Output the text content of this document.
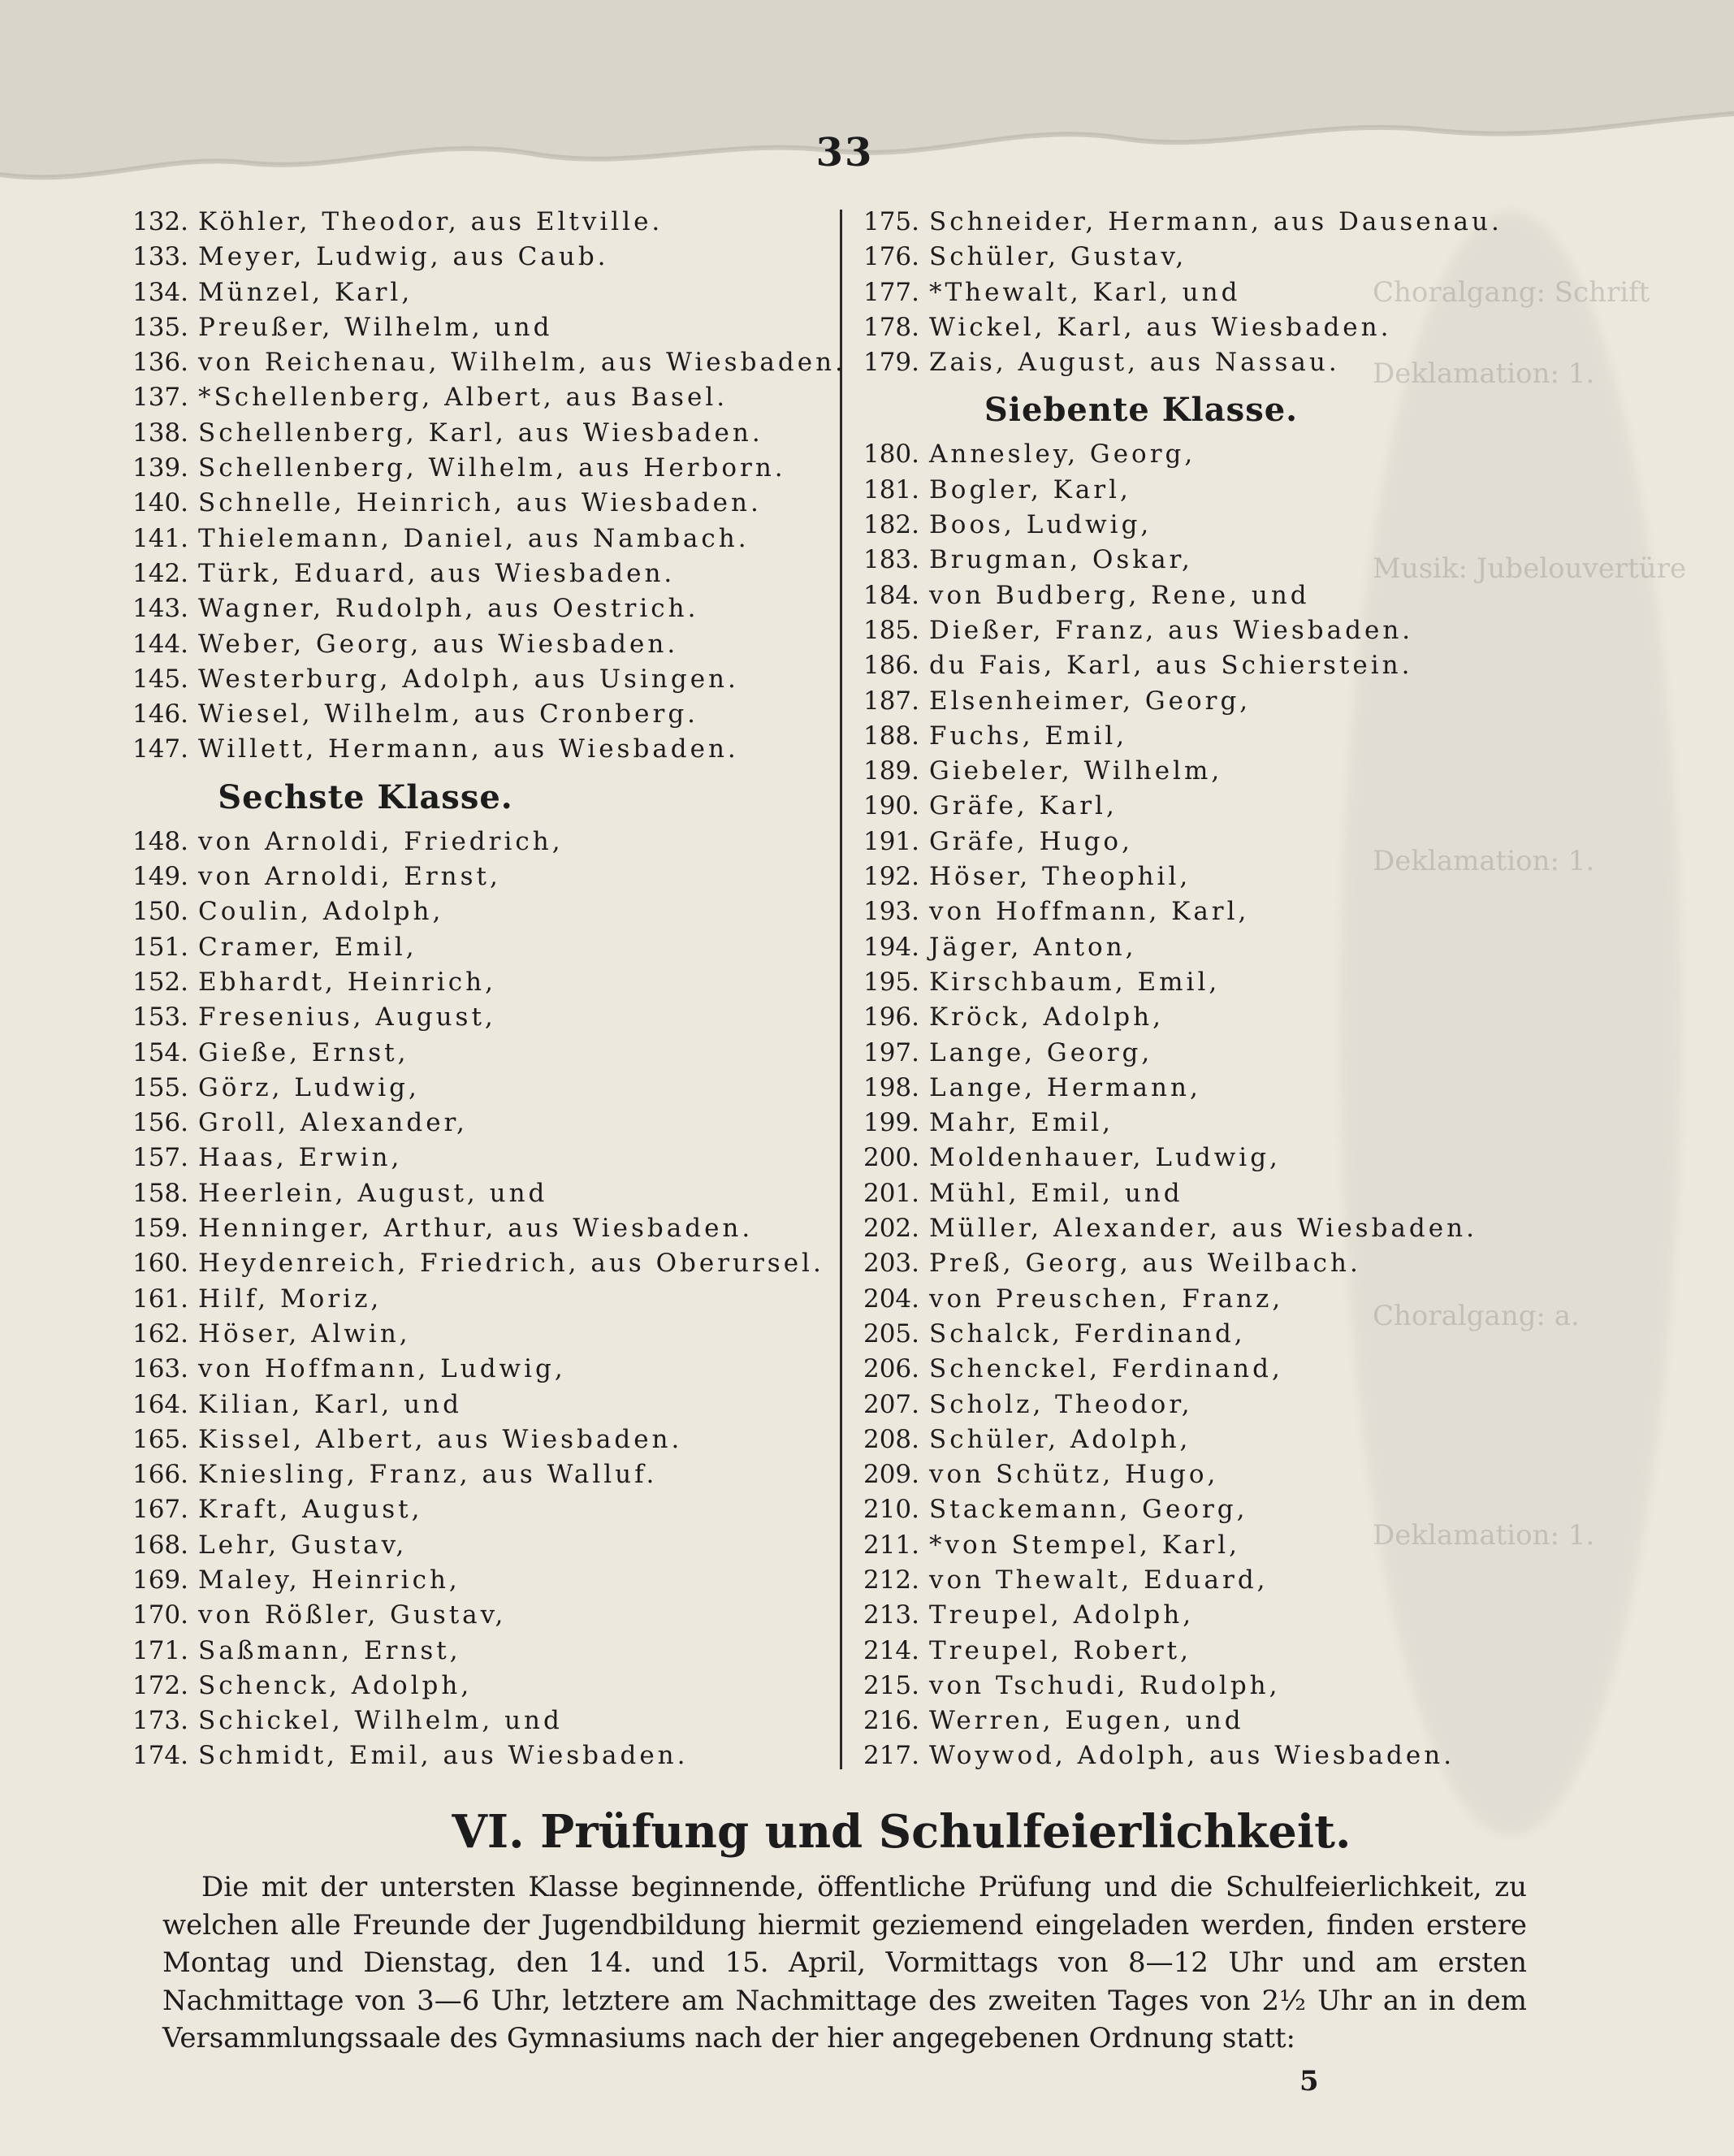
Choralgang: Schrift
Deklamation: 1.
Musik: Jubelouvertüre
Deklamation: 1.
Choralgang: a.
Deklamation: 1.
33
132. Köhler, Theodor, aus Eltville.
133. Meyer, Ludwig, aus Caub.
134. Münzel, Karl,
135. Preußer, Wilhelm, und
136. von Reichenau, Wilhelm, aus Wiesbaden.
137. *Schellenberg, Albert, aus Basel.
138. Schellenberg, Karl, aus Wiesbaden.
139. Schellenberg, Wilhelm, aus Herborn.
140. Schnelle, Heinrich, aus Wiesbaden.
141. Thielemann, Daniel, aus Nambach.
142. Türk, Eduard, aus Wiesbaden.
143. Wagner, Rudolph, aus Oestrich.
144. Weber, Georg, aus Wiesbaden.
145. Westerburg, Adolph, aus Usingen.
146. Wiesel, Wilhelm, aus Cronberg.
147. Willett, Hermann, aus Wiesbaden.
Sechste Klasse.
148. von Arnoldi, Friedrich,
149. von Arnoldi, Ernst,
150. Coulin, Adolph,
151. Cramer, Emil,
152. Ebhardt, Heinrich,
153. Fresenius, August,
154. Gieße, Ernst,
155. Görz, Ludwig,
156. Groll, Alexander,
157. Haas, Erwin,
158. Heerlein, August, und
159. Henninger, Arthur, aus Wiesbaden.
160. Heydenreich, Friedrich, aus Oberursel.
161. Hilf, Moriz,
162. Höser, Alwin,
163. von Hoffmann, Ludwig,
164. Kilian, Karl, und
165. Kissel, Albert, aus Wiesbaden.
166. Kniesling, Franz, aus Walluf.
167. Kraft, August,
168. Lehr, Gustav,
169. Maley, Heinrich,
170. von Rößler, Gustav,
171. Saßmann, Ernst,
172. Schenck, Adolph,
173. Schickel, Wilhelm, und
174. Schmidt, Emil, aus Wiesbaden.
175. Schneider, Hermann, aus Dausenau.
176. Schüler, Gustav,
177. *Thewalt, Karl, und
178. Wickel, Karl, aus Wiesbaden.
179. Zais, August, aus Nassau.
Siebente Klasse.
180. Annesley, Georg,
181. Bogler, Karl,
182. Boos, Ludwig,
183. Brugman, Oskar,
184. von Budberg, Rene, und
185. Dießer, Franz, aus Wiesbaden.
186. du Fais, Karl, aus Schierstein.
187. Elsenheimer, Georg,
188. Fuchs, Emil,
189. Giebeler, Wilhelm,
190. Gräfe, Karl,
191. Gräfe, Hugo,
192. Höser, Theophil,
193. von Hoffmann, Karl,
194. Jäger, Anton,
195. Kirschbaum, Emil,
196. Kröck, Adolph,
197. Lange, Georg,
198. Lange, Hermann,
199. Mahr, Emil,
200. Moldenhauer, Ludwig,
201. Mühl, Emil, und
202. Müller, Alexander, aus Wiesbaden.
203. Preß, Georg, aus Weilbach.
204. von Preuschen, Franz,
205. Schalck, Ferdinand,
206. Schenckel, Ferdinand,
207. Scholz, Theodor,
208. Schüler, Adolph,
209. von Schütz, Hugo,
210. Stackemann, Georg,
211. *von Stempel, Karl,
212. von Thewalt, Eduard,
213. Treupel, Adolph,
214. Treupel, Robert,
215. von Tschudi, Rudolph,
216. Werren, Eugen, und
217. Woywod, Adolph, aus Wiesbaden.
VI. Prüfung und Schulfeierlichkeit.
Die mit der untersten Klasse beginnende, öffentliche Prüfung und die Schulfeierlichkeit, zu welchen alle Freunde der Jugendbildung hiermit geziemend eingeladen werden, finden erstere Montag und Dienstag, den 14. und 15. April, Vormittags von 8—12 Uhr und am ersten Nachmittage von 3—6 Uhr, letztere am Nachmittage des zweiten Tages von 2½ Uhr an in dem Versammlungssaale des Gymnasiums nach der hier angegebenen Ordnung statt:
5
